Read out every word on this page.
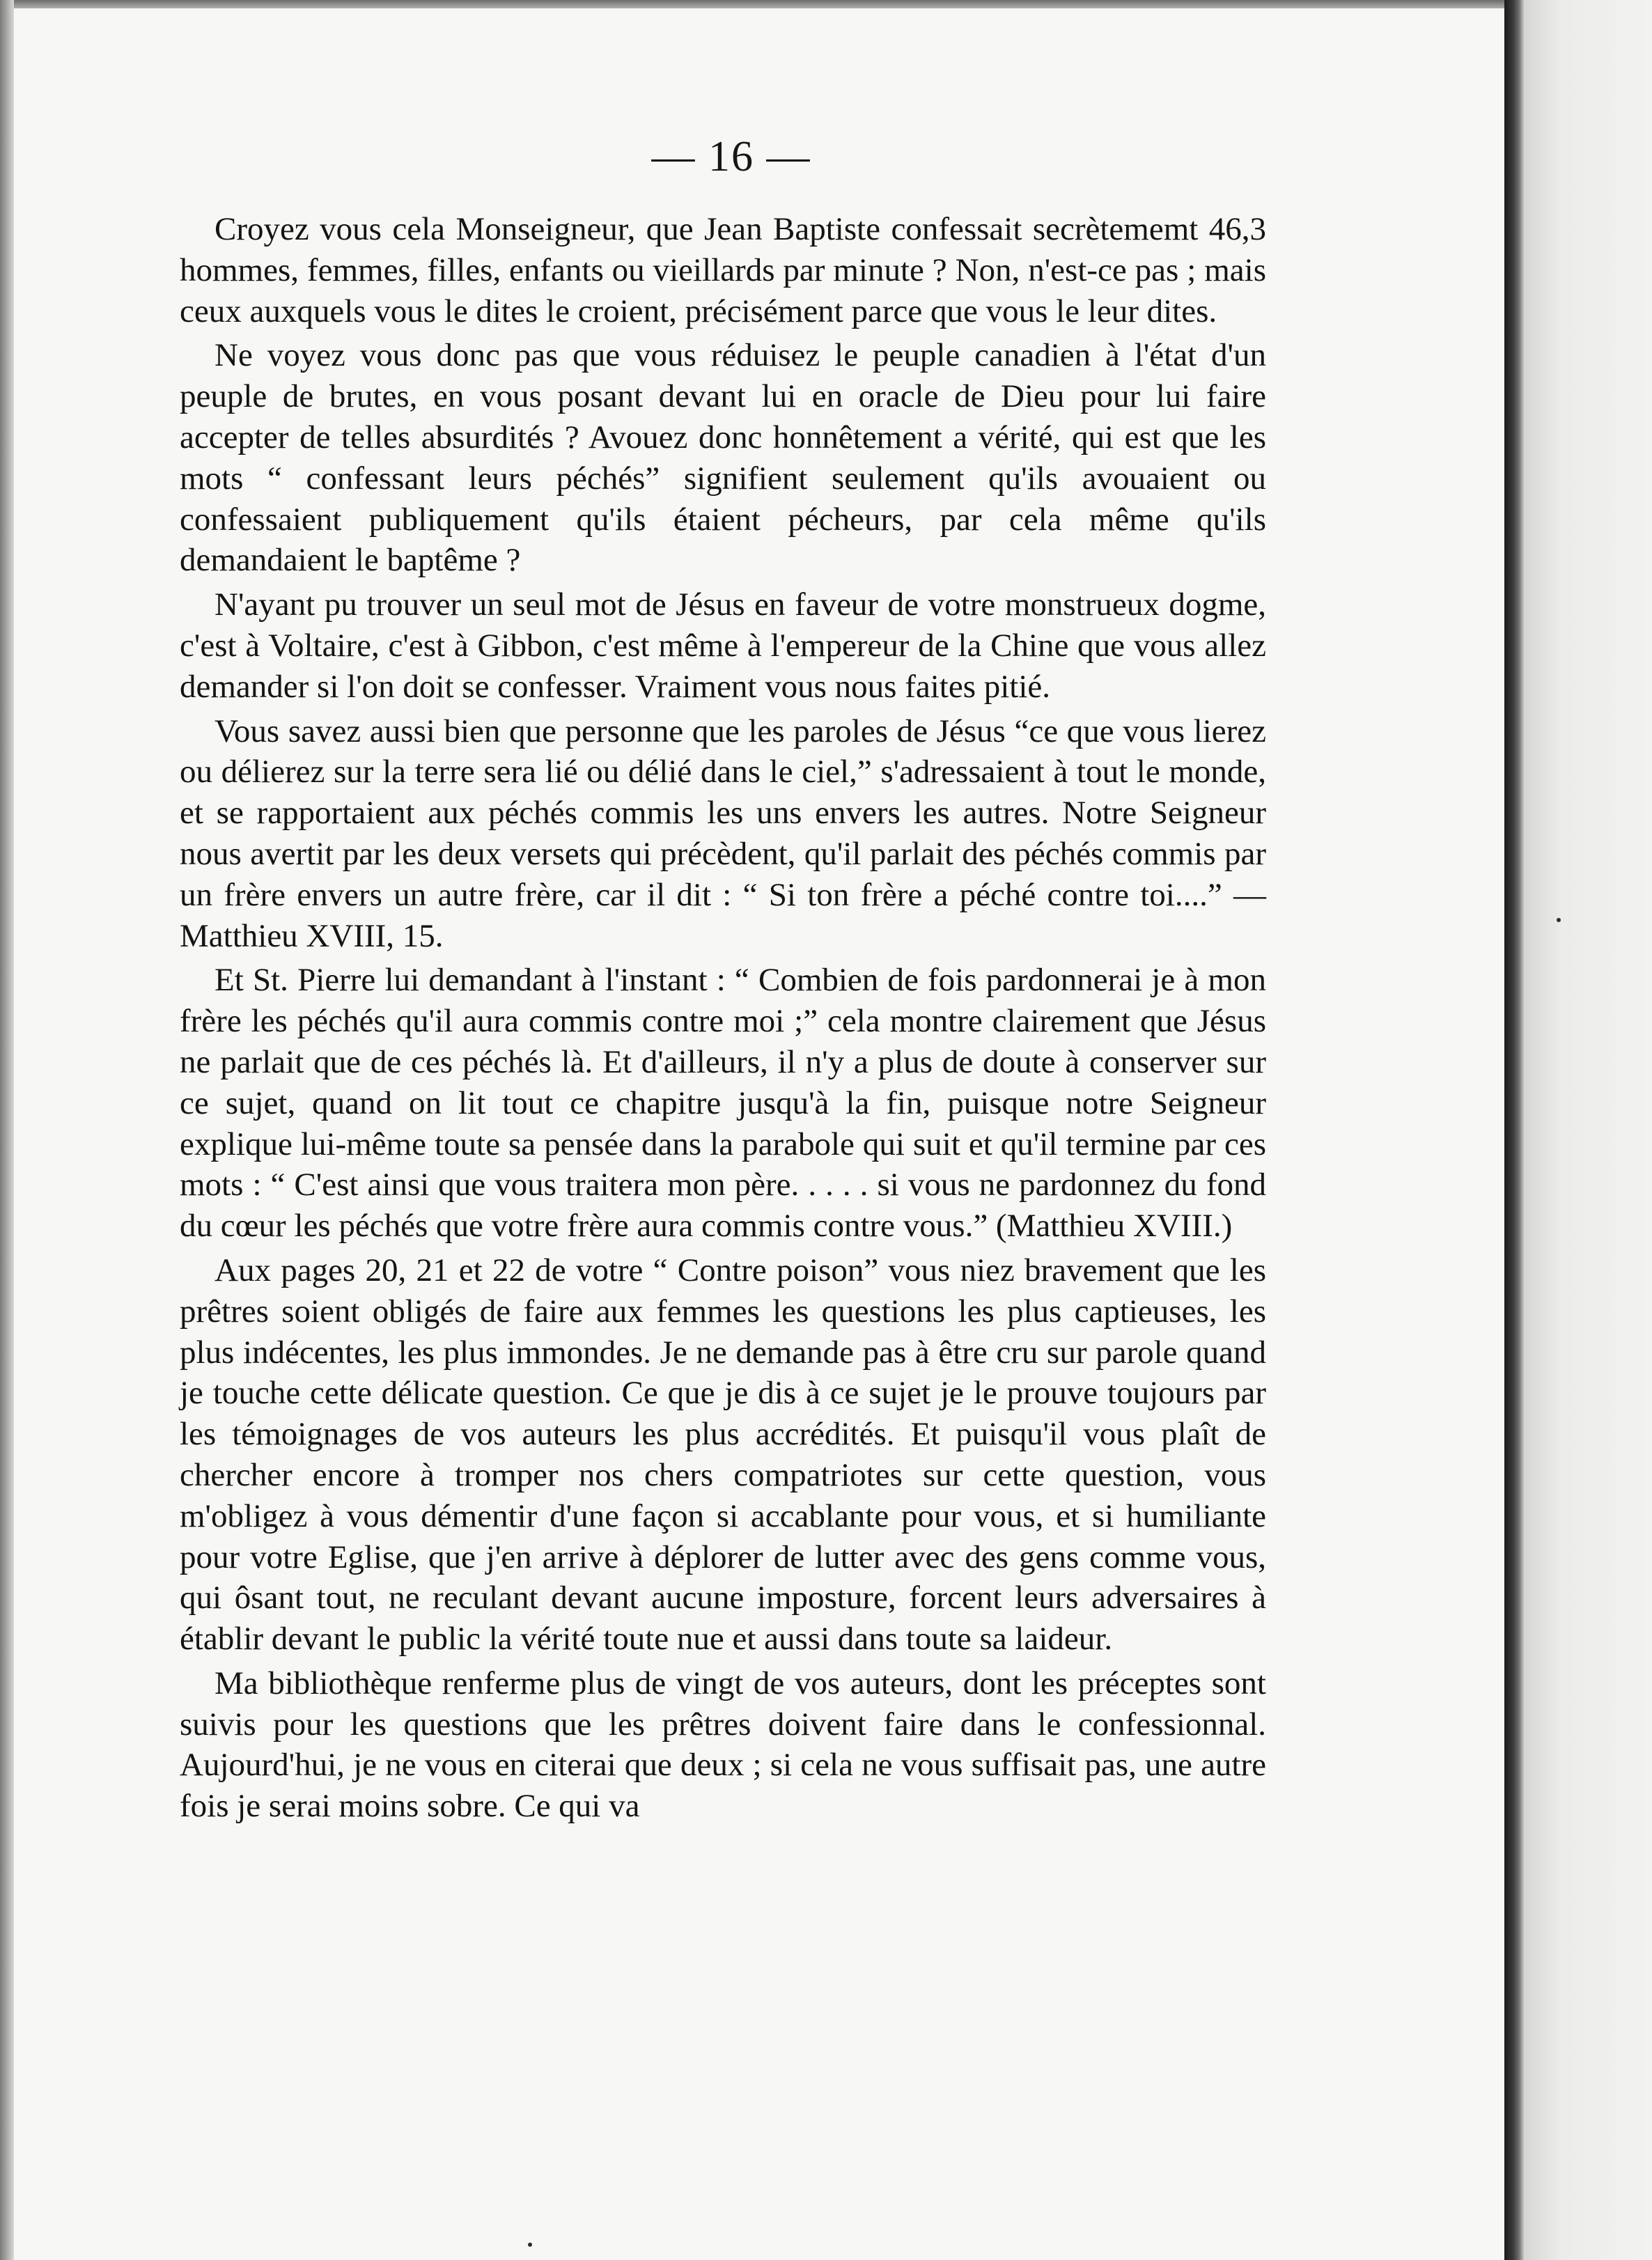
— 16 —

Croyez vous cela Monseigneur, que Jean Baptiste confessait secrètememt 46,3 hommes, femmes, filles, enfants ou vieillards par minute ? Non, n'est-ce pas ; mais ceux auxquels vous le dites le croient, précisément parce que vous le leur dites.

Ne voyez vous donc pas que vous réduisez le peuple canadien à l'état d'un peuple de brutes, en vous posant devant lui en oracle de Dieu pour lui faire accepter de telles absurdités ? Avouez donc honnêtement a vérité, qui est que les mots “ confessant leurs péchés” signifient seulement qu'ils avouaient ou confessaient publiquement qu'ils étaient pécheurs, par cela même qu'ils demandaient le baptême ?

N'ayant pu trouver un seul mot de Jésus en faveur de votre monstrueux dogme, c'est à Voltaire, c'est à Gibbon, c'est même à l'empereur de la Chine que vous allez demander si l'on doit se confesser. Vraiment vous nous faites pitié.

Vous savez aussi bien que personne que les paroles de Jésus “ce que vous lierez ou délierez sur la terre sera lié ou délié dans le ciel,” s'adressaient à tout le monde, et se rapportaient aux péchés commis les uns envers les autres. Notre Seigneur nous avertit par les deux versets qui précèdent, qu'il parlait des péchés commis par un frère envers un autre frère, car il dit : “ Si ton frère a péché contre toi....” —Matthieu XVIII, 15.

Et St. Pierre lui demandant à l'instant : “ Combien de fois pardonnerai je à mon frère les péchés qu'il aura commis contre moi ;” cela montre clairement que Jésus ne parlait que de ces péchés là. Et d'ailleurs, il n'y a plus de doute à conserver sur ce sujet, quand on lit tout ce chapitre jusqu'à la fin, puisque notre Seigneur explique lui-même toute sa pensée dans la parabole qui suit et qu'il termine par ces mots : “ C'est ainsi que vous traitera mon père. . . . . si vous ne pardonnez du fond du cœur les péchés que votre frère aura commis contre vous.” (Matthieu XVIII.)

Aux pages 20, 21 et 22 de votre “ Contre poison” vous niez bravement que les prêtres soient obligés de faire aux femmes les questions les plus captieuses, les plus indécentes, les plus immondes. Je ne demande pas à être cru sur parole quand je touche cette délicate question. Ce que je dis à ce sujet je le prouve toujours par les témoignages de vos auteurs les plus accrédités. Et puisqu'il vous plaît de chercher encore à tromper nos chers compatriotes sur cette question, vous m'obligez à vous démentir d'une façon si accablante pour vous, et si humiliante pour votre Eglise, que j'en arrive à déplorer de lutter avec des gens comme vous, qui ôsant tout, ne reculant devant aucune imposture, forcent leurs adversaires à établir devant le public la vérité toute nue et aussi dans toute sa laideur.

Ma bibliothèque renferme plus de vingt de vos auteurs, dont les préceptes sont suivis pour les questions que les prêtres doivent faire dans le confessionnal. Aujourd'hui, je ne vous en citerai que deux ; si cela ne vous suffisait pas, une autre fois je serai moins sobre. Ce qui va
